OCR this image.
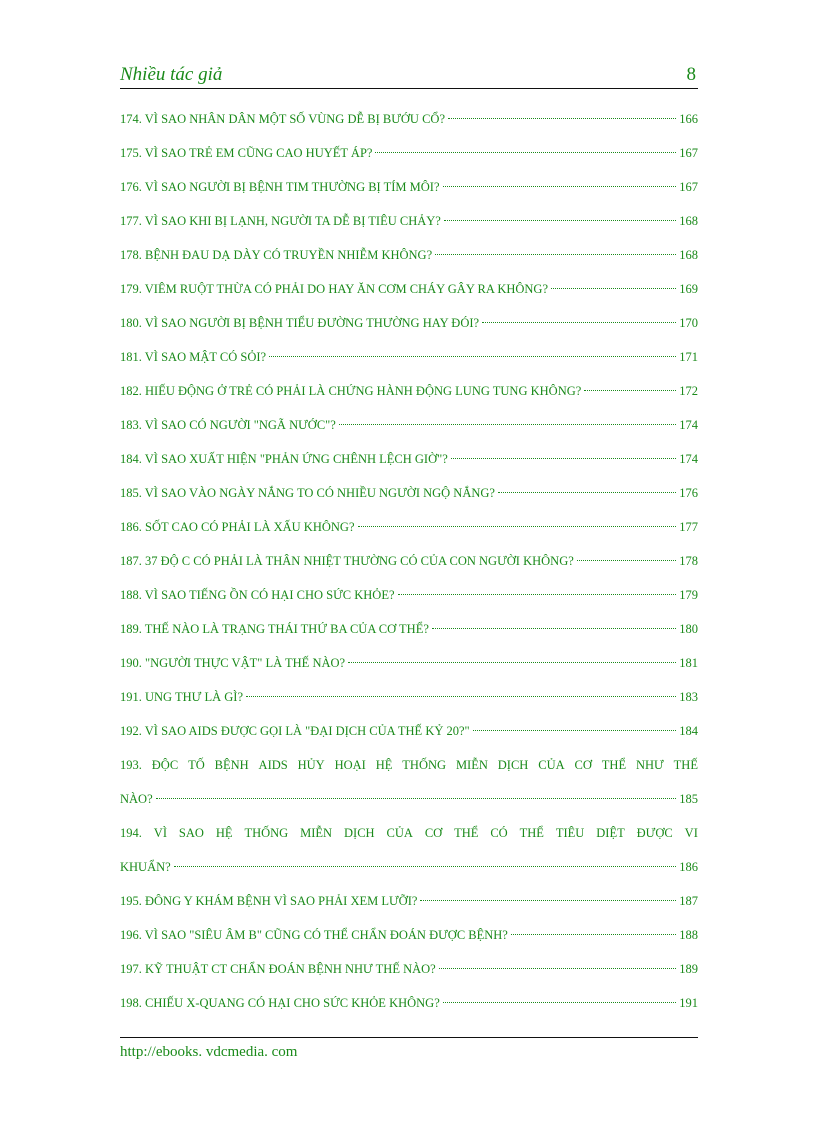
Nhiều tác giả	8
174. VÌ SAO NHÂN DÂN MỘT SỐ VÙNG DỄ BỊ BƯỚU CỔ?	166
175. VÌ SAO TRẺ EM CŨNG CAO HUYẾT ÁP?	167
176. VÌ SAO NGƯỜI BỊ BỆNH TIM THƯỜNG BỊ TÍM MÔI?	167
177. VÌ SAO KHI BỊ LẠNH, NGƯỜI TA DỄ BỊ TIÊU CHẢY?	168
178. BỆNH ĐAU DẠ DÀY CÓ TRUYỀN NHIỄM KHÔNG?	168
179. VIÊM RUỘT THỪA CÓ PHẢI DO HAY ĂN CƠM CHÁY GÂY RA KHÔNG?	169
180. VÌ SAO NGƯỜI BỊ BỆNH TIỂU ĐƯỜNG THƯỜNG HAY ĐÓI?	170
181. VÌ SAO MẬT CÓ SỎI?	171
182. HIẾU ĐỘNG Ở TRẺ CÓ PHẢI LÀ CHỨNG HÀNH ĐỘNG LUNG TUNG KHÔNG?	172
183. VÌ SAO CÓ NGƯỜI "NGÃ NƯỚC"?	174
184. VÌ SAO XUẤT HIỆN "PHẢN ỨNG CHÊNH LỆCH GIỜ"?	174
185. VÌ SAO VÀO NGÀY NẮNG TO CÓ NHIỀU NGƯỜI NGỘ NẮNG?	176
186. SỐT CAO CÓ PHẢI LÀ XẤU KHÔNG?	177
187. 37 ĐỘ C CÓ PHẢI LÀ THÂN NHIỆT THƯỜNG CÓ CỦA CON NGƯỜI KHÔNG?	178
188. VÌ SAO TIẾNG ỒN CÓ HẠI CHO SỨC KHỎE?	179
189. THẾ NÀO LÀ TRẠNG THÁI THỨ BA CỦA CƠ THỂ?	180
190. "NGƯỜI THỰC VẬT" LÀ THẾ NÀO?	181
191. UNG THƯ LÀ GÌ?	183
192. VÌ SAO AIDS ĐƯỢC GỌI LÀ "ĐẠI DỊCH CỦA THẾ KỶ 20?"	184
193. ĐỘC TỐ BỆNH AIDS HỦY HOẠI HỆ THỐNG MIỄN DỊCH CỦA CƠ THỂ NHƯ THẾ
NÀO?	185
194. VÌ SAO HỆ THỐNG MIỄN DỊCH CỦA CƠ THỂ CÓ THỂ TIÊU DIỆT ĐƯỢC VI
KHUẨN?	186
195. ĐÔNG Y KHÁM BỆNH VÌ SAO PHẢI XEM LƯỠI?	187
196. VÌ SAO "SIÊU ÂM B" CŨNG CÓ THỂ CHẨN ĐOÁN ĐƯỢC BỆNH?	188
197. KỸ THUẬT CT CHẨN ĐOÁN BỆNH NHƯ THẾ NÀO?	189
198. CHIẾU X-QUANG CÓ HẠI CHO SỨC KHỎE KHÔNG?	191
http://ebooks. vdcmedia. com
